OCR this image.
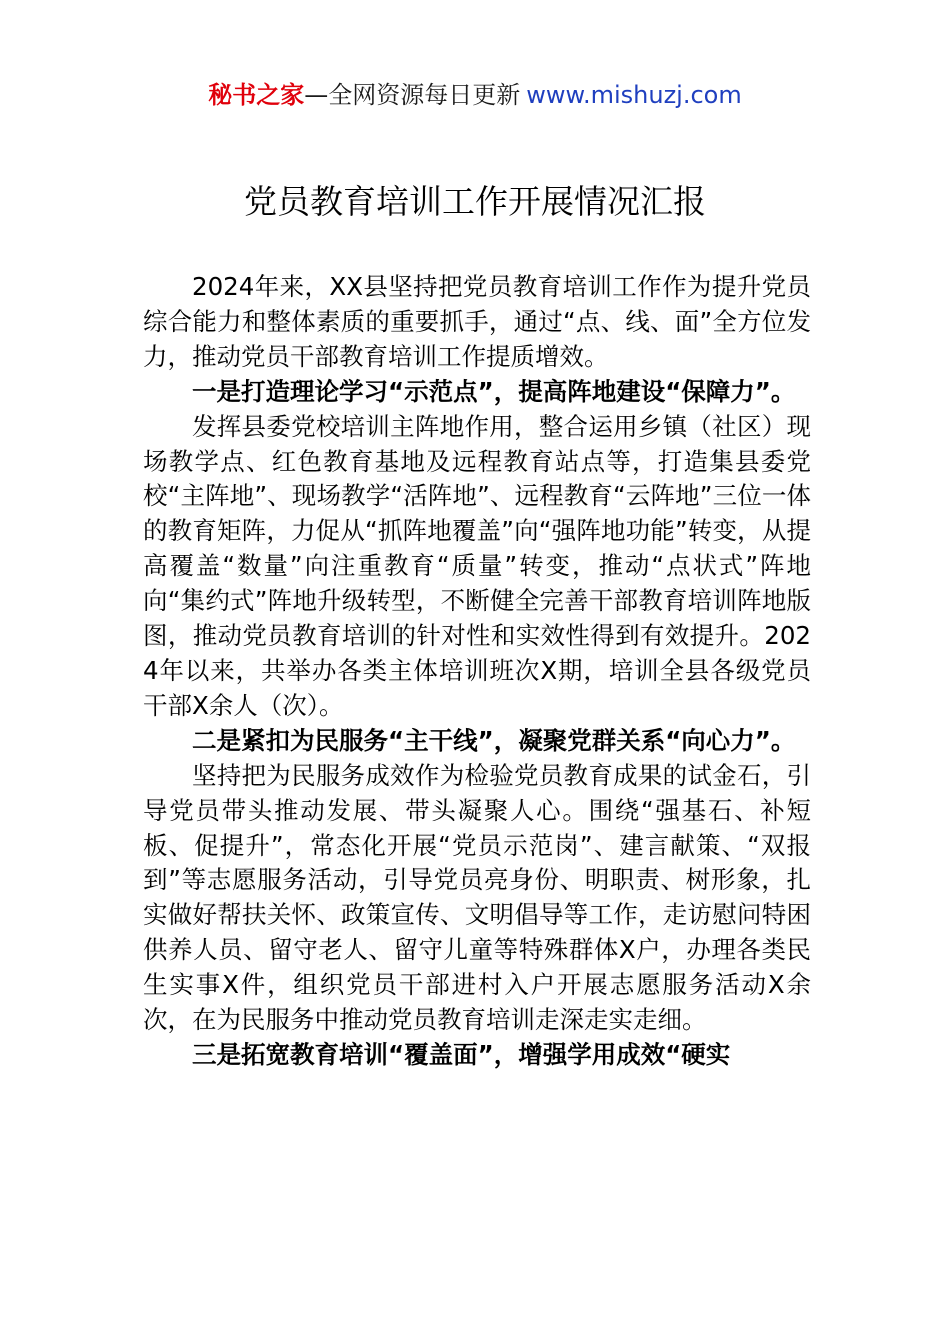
秘书之家—全网资源每日更新 www.mishuzj.com
党员教育培训工作开展情况汇报

2024年来，XX县坚持把党员教育培训工作作为提升党员综合能力和整体素质的重要抓手，通过“点、线、面”全方位发力，推动党员干部教育培训工作提质增效。

一是打造理论学习“示范点”，提高阵地建设“保障力”。

发挥县委党校培训主阵地作用，整合运用乡镇（社区）现场教学点、红色教育基地及远程教育站点等，打造集县委党校“主阵地”、现场教学“活阵地”、远程教育“云阵地”三位一体的教育矩阵，力促从“抓阵地覆盖”向“强阵地功能”转变，从提高覆盖“数量”向注重教育“质量”转变，推动“点状式”阵地向“集约式”阵地升级转型，不断健全完善干部教育培训阵地版图，推动党员教育培训的针对性和实效性得到有效提升。2024年以来，共举办各类主体培训班次X期，培训全县各级党员干部X余人（次）。

二是紧扣为民服务“主干线”，凝聚党群关系“向心力”。

坚持把为民服务成效作为检验党员教育成果的试金石，引导党员带头推动发展、带头凝聚人心。围绕“强基石、补短板、促提升”，常态化开展“党员示范岗”、建言献策、“双报到”等志愿服务活动，引导党员亮身份、明职责、树形象，扎实做好帮扶关怀、政策宣传、文明倡导等工作，走访慰问特困供养人员、留守老人、留守儿童等特殊群体X户，办理各类民生实事X件，组织党员干部进村入户开展志愿服务活动X余次，在为民服务中推动党员教育培训走深走实走细。

三是拓宽教育培训“覆盖面”，增强学用成效“硬实
